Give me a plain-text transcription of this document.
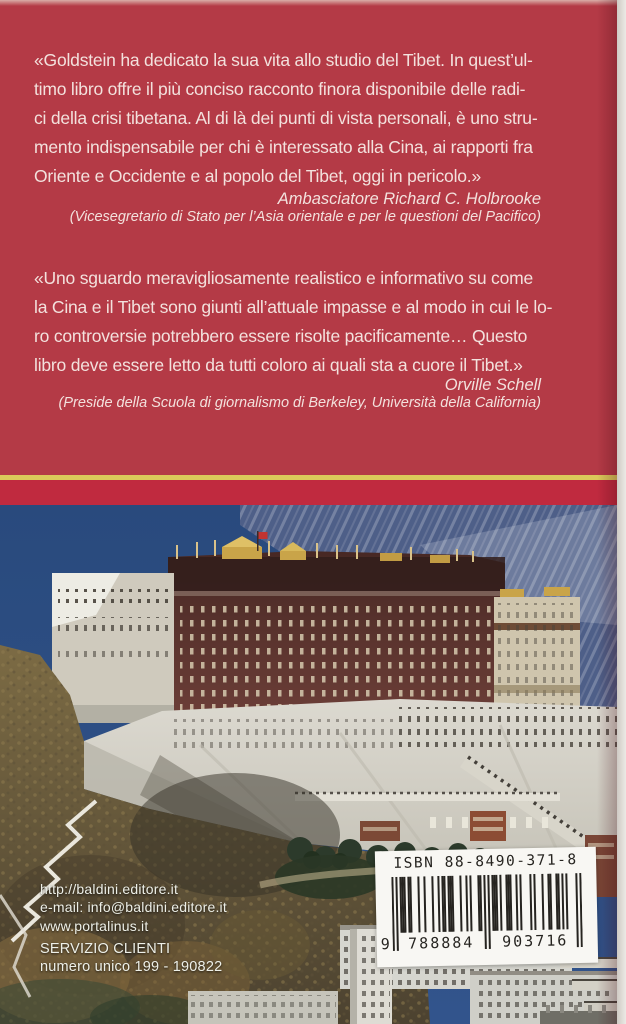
«Goldstein ha dedicato la sua vita allo studio del Tibet. In quest’ul-
timo libro offre il più conciso racconto finora disponibile delle radi-
ci della crisi tibetana. Al di là dei punti di vista personali, è uno stru-
mento indispensabile per chi è interessato alla Cina, ai rapporti fra
Oriente e Occidente e al popolo del Tibet, oggi in pericolo.»
Ambasciatore Richard C. Holbrooke
(Vicesegretario di Stato per l’Asia orientale e per le questioni del Pacifico)
«Uno sguardo meravigliosamente realistico e informativo su come
la Cina e il Tibet sono giunti all’attuale impasse e al modo in cui le lo-
ro controversie potrebbero essere risolte pacificamente… Questo
libro deve essere letto da tutti coloro ai quali sta a cuore il Tibet.»
Orville Schell
(Preside della Scuola di giornalismo di Berkeley, Università della California)
http://baldini.editore.it
e-mail: info@baldini.editore.it
www.portalinus.it
SERVIZIO CLIENTI
numero unico 199 - 190822
ISBN 88-8490-371-8
9	788884	903716
